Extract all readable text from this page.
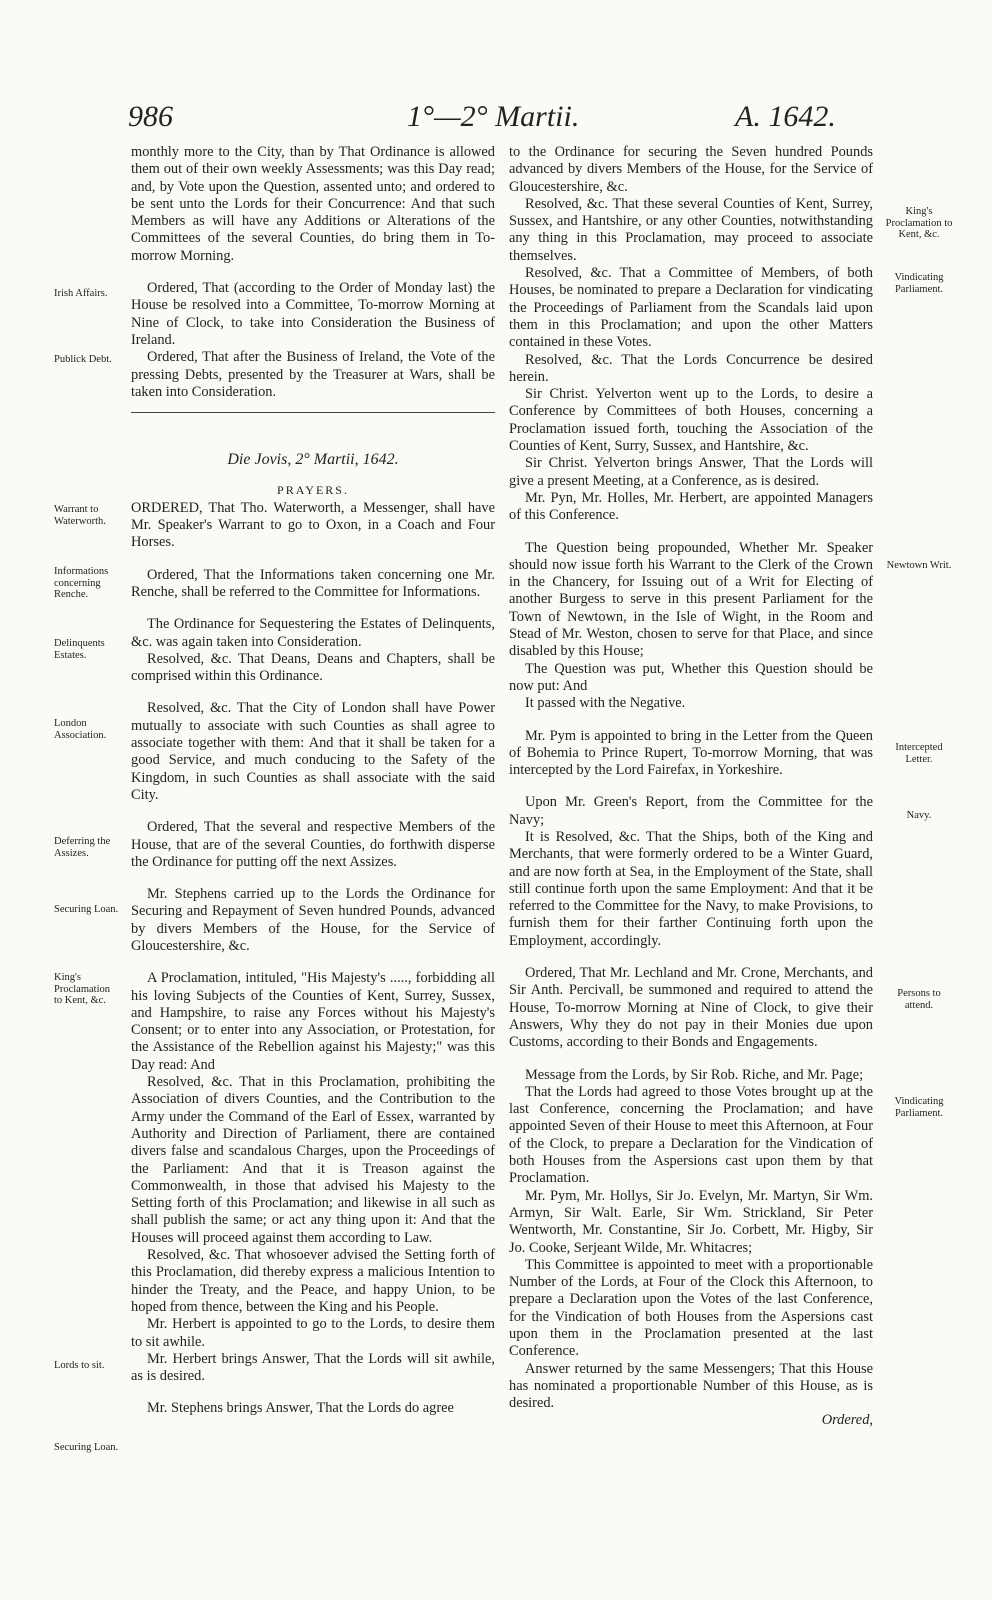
986	1°—2° Martii.	A. 1642.

monthly more to the City, than by That Ordinance is allowed them out of their own weekly Assessments; was this Day read; and, by Vote upon the Question, assented unto; and ordered to be sent unto the Lords for their Concurrence: And that such Members as will have any Additions or Alterations of the Committees of the several Counties, do bring them in To-morrow Morning.

Ordered, That (according to the Order of Monday last) the House be resolved into a Committee, To-morrow Morning at Nine of Clock, to take into Consideration the Business of Ireland.

Ordered, That after the Business of Ireland, the Vote of the pressing Debts, presented by the Treasurer at Wars, shall be taken into Consideration.

Die Jovis, 2° Martii, 1642.

PRAYERS.

ORDERED, That Tho. Waterworth, a Messenger, shall have Mr. Speaker's Warrant to go to Oxon, in a Coach and Four Horses.

Ordered, That the Informations taken concerning one Mr. Renche, shall be referred to the Committee for Informations.

The Ordinance for Sequestering the Estates of Delinquents, &c. was again taken into Consideration.

Resolved, &c. That Deans, Deans and Chapters, shall be comprised within this Ordinance.

Resolved, &c. That the City of London shall have Power mutually to associate with such Counties as shall agree to associate together with them: And that it shall be taken for a good Service, and much conducing to the Safety of the Kingdom, in such Counties as shall associate with the said City.

Ordered, That the several and respective Members of the House, that are of the several Counties, do forthwith disperse the Ordinance for putting off the next Assizes.

Mr. Stephens carried up to the Lords the Ordinance for Securing and Repayment of Seven hundred Pounds, advanced by divers Members of the House, for the Service of Gloucestershire, &c.

A Proclamation, intituled, "His Majesty's ....., forbidding all his loving Subjects of the Counties of Kent, Surrey, Sussex, and Hampshire, to raise any Forces without his Majesty's Consent; or to enter into any Association, or Protestation, for the Assistance of the Rebellion against his Majesty;" was this Day read: And

Resolved, &c. That in this Proclamation, prohibiting the Association of divers Counties, and the Contribution to the Army under the Command of the Earl of Essex, warranted by Authority and Direction of Parliament, there are contained divers false and scandalous Charges, upon the Proceedings of the Parliament: And that it is Treason against the Commonwealth, in those that advised his Majesty to the Setting forth of this Proclamation; and likewise in all such as shall publish the same; or act any thing upon it: And that the Houses will proceed against them according to Law.

Resolved, &c. That whosoever advised the Setting forth of this Proclamation, did thereby express a malicious Intention to hinder the Treaty, and the Peace, and happy Union, to be hoped from thence, between the King and his People.

Mr. Herbert is appointed to go to the Lords, to desire them to sit awhile.

Mr. Herbert brings Answer, That the Lords will sit awhile, as is desired.

Mr. Stephens brings Answer, That the Lords do agree

to the Ordinance for securing the Seven hundred Pounds advanced by divers Members of the House, for the Service of Gloucestershire, &c.

Resolved, &c. That these several Counties of Kent, Surrey, Sussex, and Hantshire, or any other Counties, notwithstanding any thing in this Proclamation, may proceed to associate themselves.

Resolved, &c. That a Committee of Members, of both Houses, be nominated to prepare a Declaration for vindicating the Proceedings of Parliament from the Scandals laid upon them in this Proclamation; and upon the other Matters contained in these Votes.

Resolved, &c. That the Lords Concurrence be desired herein.

Sir Christ. Yelverton went up to the Lords, to desire a Conference by Committees of both Houses, concerning a Proclamation issued forth, touching the Association of the Counties of Kent, Surry, Sussex, and Hantshire, &c.

Sir Christ. Yelverton brings Answer, That the Lords will give a present Meeting, at a Conference, as is desired.

Mr. Pyn, Mr. Holles, Mr. Herbert, are appointed Managers of this Conference.

The Question being propounded, Whether Mr. Speaker should now issue forth his Warrant to the Clerk of the Crown in the Chancery, for Issuing out of a Writ for Electing of another Burgess to serve in this present Parliament for the Town of Newtown, in the Isle of Wight, in the Room and Stead of Mr. Weston, chosen to serve for that Place, and since disabled by this House;

The Question was put, Whether this Question should be now put: And

It passed with the Negative.

Mr. Pym is appointed to bring in the Letter from the Queen of Bohemia to Prince Rupert, To-morrow Morning, that was intercepted by the Lord Fairefax, in Yorkeshire.

Upon Mr. Green's Report, from the Committee for the Navy;

It is Resolved, &c. That the Ships, both of the King and Merchants, that were formerly ordered to be a Winter Guard, and are now forth at Sea, in the Employment of the State, shall still continue forth upon the same Employment: And that it be referred to the Committee for the Navy, to make Provisions, to furnish them for their farther Continuing forth upon the Employment, accordingly.

Ordered, That Mr. Lechland and Mr. Crone, Merchants, and Sir Anth. Percivall, be summoned and required to attend the House, To-morrow Morning at Nine of Clock, to give their Answers, Why they do not pay in their Monies due upon Customs, according to their Bonds and Engagements.

Message from the Lords, by Sir Rob. Riche, and Mr. Page;

That the Lords had agreed to those Votes brought up at the last Conference, concerning the Proclamation; and have appointed Seven of their House to meet this Afternoon, at Four of the Clock, to prepare a Declaration for the Vindication of both Houses from the Aspersions cast upon them by that Proclamation.

Mr. Pym, Mr. Hollys, Sir Jo. Evelyn, Mr. Martyn, Sir Wm. Armyn, Sir Walt. Earle, Sir Wm. Strickland, Sir Peter Wentworth, Mr. Constantine, Sir Jo. Corbett, Mr. Higby, Sir Jo. Cooke, Serjeant Wilde, Mr. Whitacres;

This Committee is appointed to meet with a proportionable Number of the Lords, at Four of the Clock this Afternoon, to prepare a Declaration upon the Votes of the last Conference, for the Vindication of both Houses from the Aspersions cast upon them in the Proclamation presented at the last Conference.

Answer returned by the same Messengers; That this House has nominated a proportionable Number of this House, as is desired.

Ordered,

Irish Affairs.
Publick Debt.
Warrant to Waterworth.
Informations concerning Renche.
Delinquents Estates.
London Association.
Deferring the Assizes.
Securing Loan.
King's Proclamation to Kent, &c.
Lords to sit.
Securing Loan.
King's Proclamation to Kent, &c.
Vindicating Parliament.
Newtown Writ.
Intercepted Letter.
Navy.
Persons to attend.
Vindicating Parliament.
